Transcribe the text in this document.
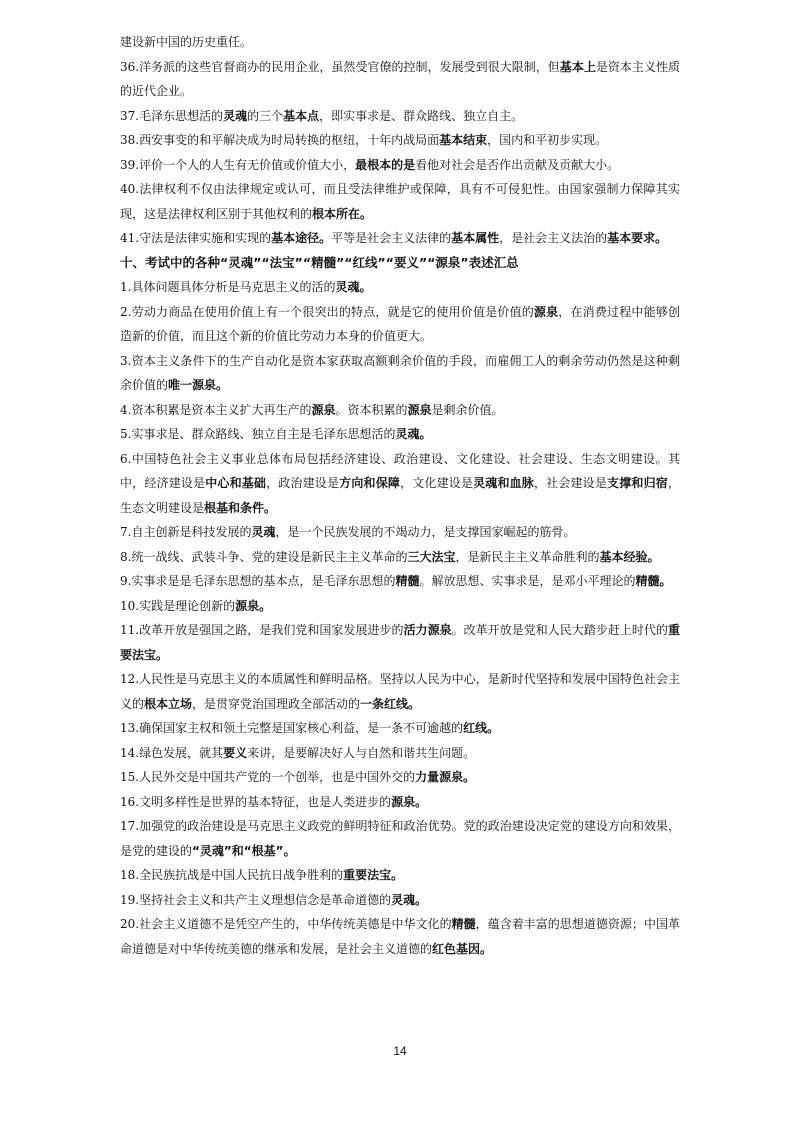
建设新中国的历史重任。

36.洋务派的这些官督商办的民用企业，虽然受官僚的控制，发展受到很大限制，但基本上是资本主义性质的近代企业。

37.毛泽东思想活的灵魂的三个基本点，即实事求是、群众路线、独立自主。

38.西安事变的和平解决成为时局转换的枢纽，十年内战局面基本结束，国内和平初步实现。

39.评价一个人的人生有无价值或价值大小，最根本的是看他对社会是否作出贡献及贡献大小。

40.法律权利不仅由法律规定或认可，而且受法律维护或保障，具有不可侵犯性。由国家强制力保障其实现，这是法律权利区别于其他权利的根本所在。

41.守法是法律实施和实现的基本途径。平等是社会主义法律的基本属性，是社会主义法治的基本要求。

十、考试中的各种“灵魂”“法宝”“精髓”“红线”“要义”“源泉”表述汇总

1.具体问题具体分析是马克思主义的活的灵魂。

2.劳动力商品在使用价值上有一个很突出的特点，就是它的使用价值是价值的源泉，在消费过程中能够创造新的价值，而且这个新的价值比劳动力本身的价值更大。

3.资本主义条件下的生产自动化是资本家获取高额剩余价值的手段，而雇佣工人的剩余劳动仍然是这种剩余价值的唯一源泉。

4.资本积累是资本主义扩大再生产的源泉。资本积累的源泉是剩余价值。

5.实事求是、群众路线、独立自主是毛泽东思想活的灵魂。

6.中国特色社会主义事业总体布局包括经济建设、政治建设、文化建设、社会建设、生态文明建设。其中，经济建设是中心和基础，政治建设是方向和保障，文化建设是灵魂和血脉，社会建设是支撑和归宿，生态文明建设是根基和条件。

7.自主创新是科技发展的灵魂，是一个民族发展的不竭动力，是支撑国家崛起的筋骨。

8.统一战线、武装斗争、党的建设是新民主主义革命的三大法宝，是新民主主义革命胜利的基本经验。

9.实事求是是毛泽东思想的基本点，是毛泽东思想的精髓。解放思想、实事求是，是邓小平理论的精髓。

10.实践是理论创新的源泉。

11.改革开放是强国之路，是我们党和国家发展进步的活力源泉。改革开放是党和人民大踏步赶上时代的重要法宝。

12.人民性是马克思主义的本质属性和鲜明品格。坚持以人民为中心，是新时代坚持和发展中国特色社会主义的根本立场，是贯穿党治国理政全部活动的一条红线。

13.确保国家主权和领土完整是国家核心利益，是一条不可逾越的红线。

14.绿色发展，就其要义来讲，是要解决好人与自然和谐共生问题。

15.人民外交是中国共产党的一个创举，也是中国外交的力量源泉。

16.文明多样性是世界的基本特征，也是人类进步的源泉。

17.加强党的政治建设是马克思主义政党的鲜明特征和政治优势。党的政治建设决定党的建设方向和效果，是党的建设的“灵魂”和“根基”。

18.全民族抗战是中国人民抗日战争胜利的重要法宝。

19.坚持社会主义和共产主义理想信念是革命道德的灵魂。

20.社会主义道德不是凭空产生的，中华传统美德是中华文化的精髓，蕴含着丰富的思想道德资源；中国革命道德是对中华传统美德的继承和发展，是社会主义道德的红色基因。

14
